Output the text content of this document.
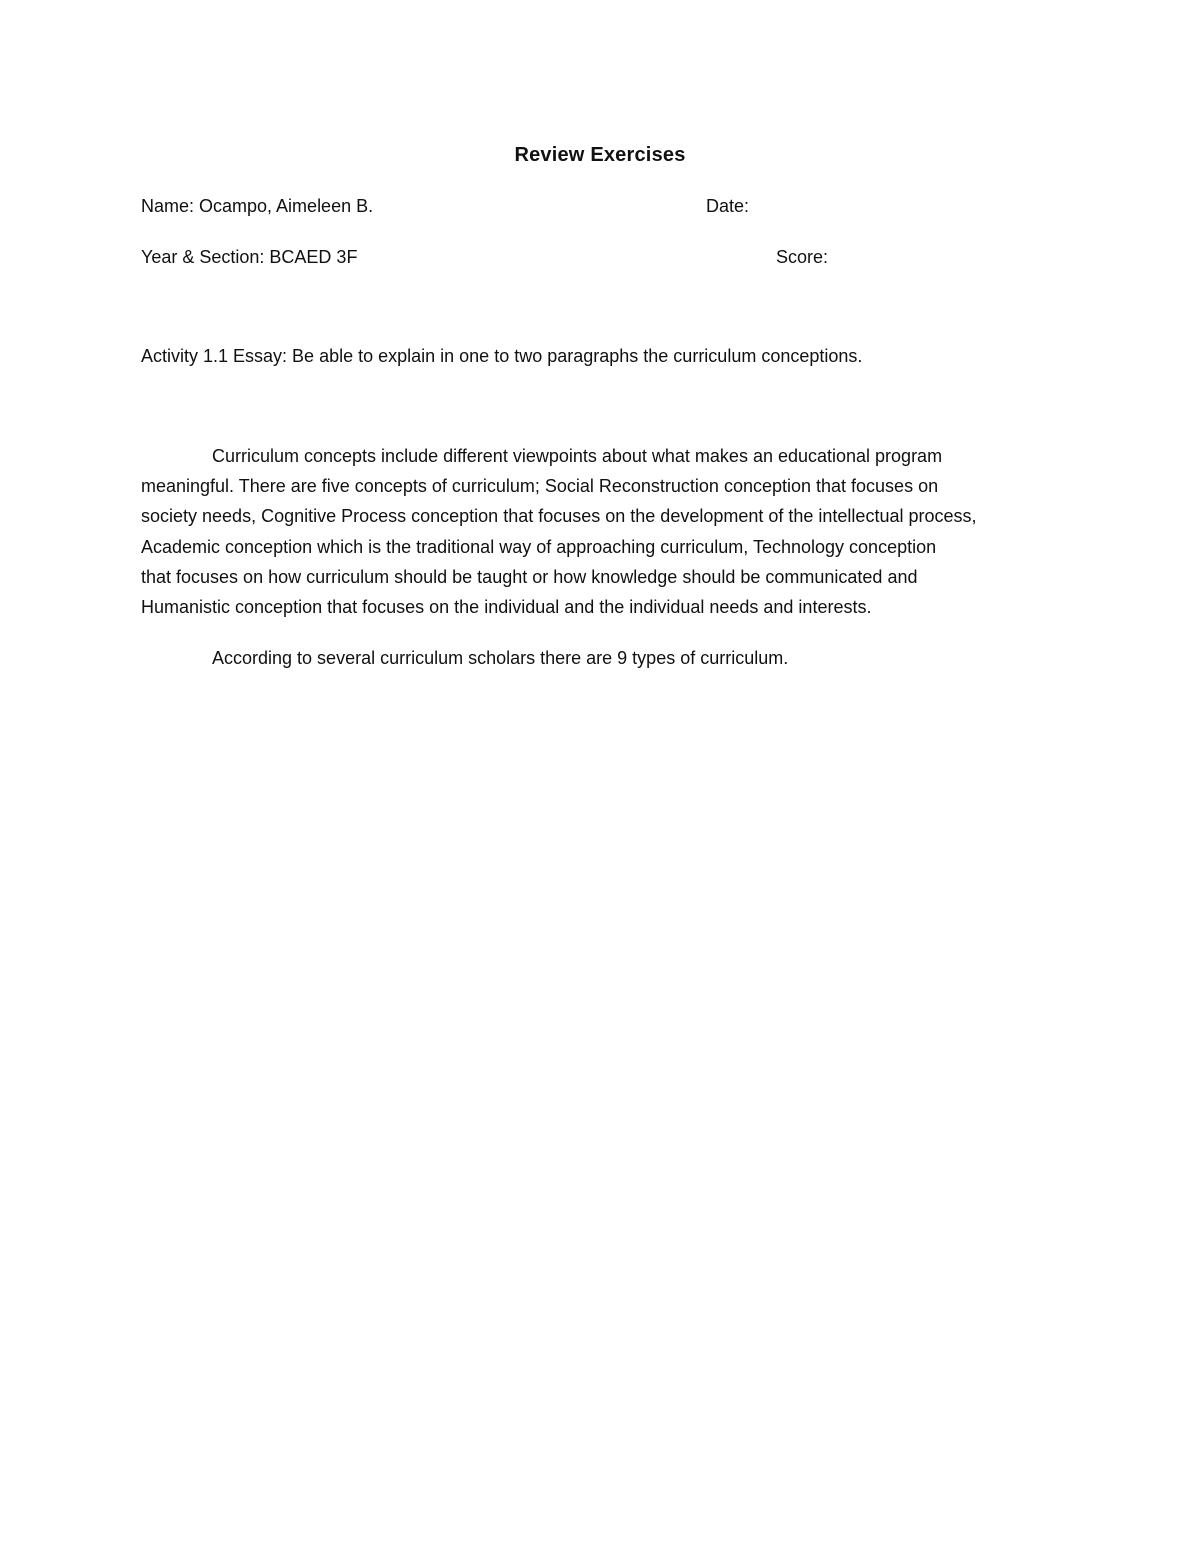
Review Exercises
Name: Ocampo, Aimeleen B.	Date:
Year & Section: BCAED 3F	Score:
Activity 1.1 Essay: Be able to explain in one to two paragraphs the curriculum conceptions.
Curriculum concepts include different viewpoints about what makes an educational program
meaningful. There are five concepts of curriculum; Social Reconstruction conception that focuses on
society needs, Cognitive Process conception that focuses on the development of the intellectual process,
Academic conception which is the traditional way of approaching curriculum, Technology conception
that focuses on how curriculum should be taught or how knowledge should be communicated and
Humanistic conception that focuses on the individual and the individual needs and interests.
According to several curriculum scholars there are 9 types of curriculum.
